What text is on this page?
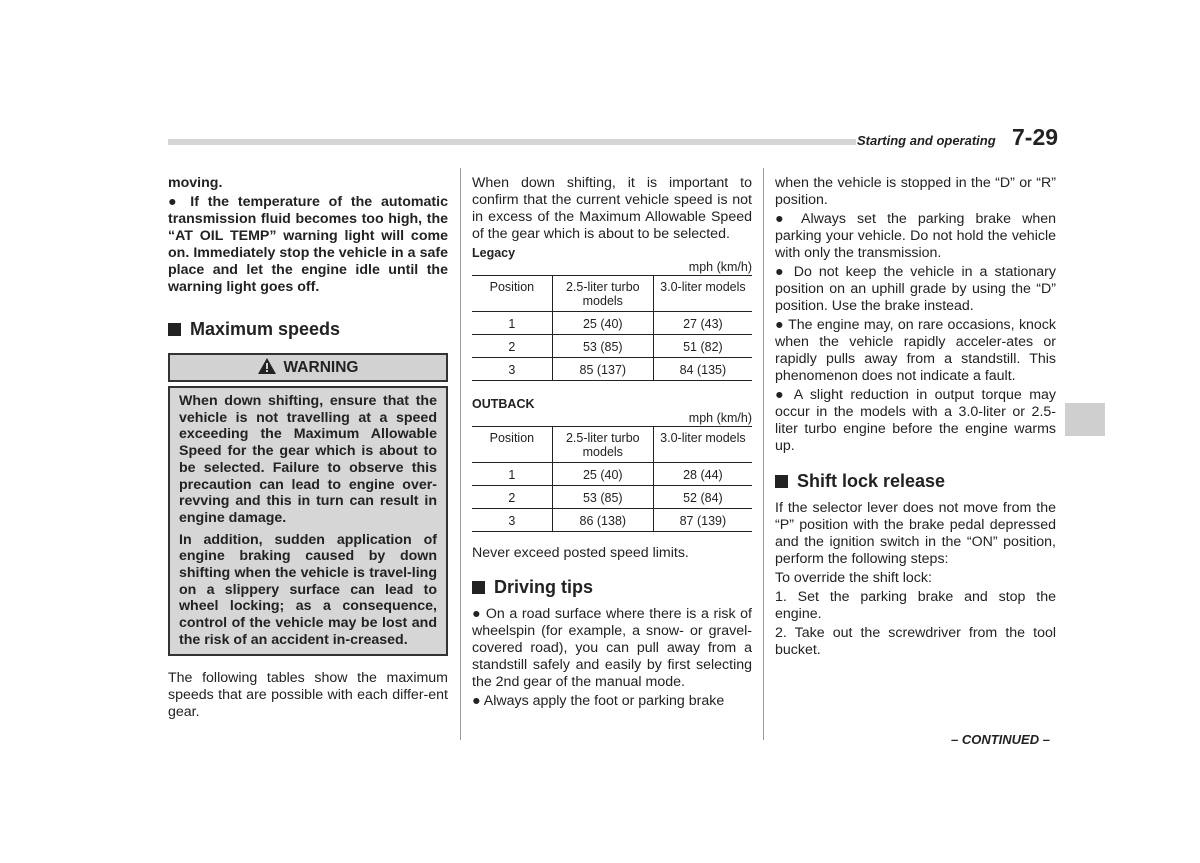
Starting and operating 7-29

moving.

● If the temperature of the automatic transmission fluid becomes too high, the “AT OIL TEMP” warning light will come on. Immediately stop the vehicle in a safe place and let the engine idle until the warning light goes off.

Maximum speeds
WARNING

When down shifting, ensure that the vehicle is not travelling at a speed exceeding the Maximum Allowable Speed for the gear which is about to be selected. Failure to observe this precaution can lead to engine over-revving and this in turn can result in engine damage.

In addition, sudden application of engine braking caused by down shifting when the vehicle is travel-ling on a slippery surface can lead to wheel locking; as a consequence, control of the vehicle may be lost and the risk of an accident in-creased.

The following tables show the maximum speeds that are possible with each differ-ent gear.

When down shifting, it is important to confirm that the current vehicle speed is not in excess of the Maximum Allowable Speed of the gear which is about to be selected.

Legacy
mph (km/h)
Position	2.5-liter turbo models	3.0-liter models
1	25 (40)	27 (43)
2	53 (85)	51 (82)
3	85 (137)	84 (135)
OUTBACK
mph (km/h)
Position	2.5-liter turbo models	3.0-liter models
1	25 (40)	28 (44)
2	53 (85)	52 (84)
3	86 (138)	87 (139)

Never exceed posted speed limits.

Driving tips

● On a road surface where there is a risk of wheelspin (for example, a snow- or gravel-covered road), you can pull away from a standstill safely and easily by first selecting the 2nd gear of the manual mode.

● Always apply the foot or parking brake

when the vehicle is stopped in the “D” or “R” position.

● Always set the parking brake when parking your vehicle. Do not hold the vehicle with only the transmission.

● Do not keep the vehicle in a stationary position on an uphill grade by using the “D” position. Use the brake instead.

● The engine may, on rare occasions, knock when the vehicle rapidly acceler-ates or rapidly pulls away from a standstill. This phenomenon does not indicate a fault.

● A slight reduction in output torque may occur in the models with a 3.0-liter or 2.5-liter turbo engine before the engine warms up.

Shift lock release

If the selector lever does not move from the “P” position with the brake pedal depressed and the ignition switch in the “ON” position, perform the following steps:

To override the shift lock:

1. Set the parking brake and stop the engine.

2. Take out the screwdriver from the tool bucket.

– CONTINUED –
